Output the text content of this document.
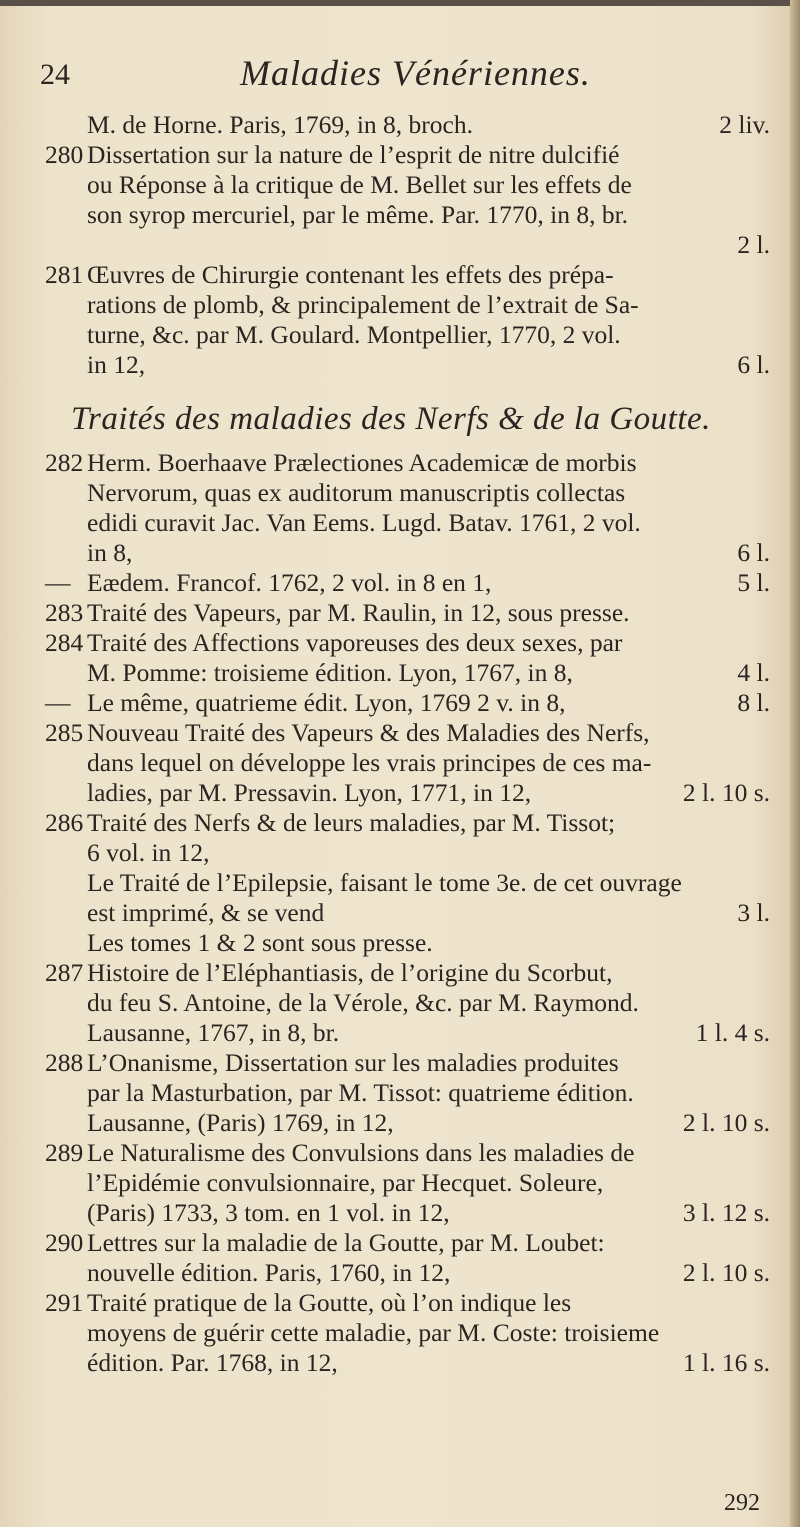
24	Maladies Vénériennes.
M. de Horne. Paris, 1769, in 8, broch.	2 liv.
280 Dissertation sur la nature de l’esprit de nitre dulcifié
ou Réponse à la critique de M. Bellet sur les effets de
son syrop mercuriel, par le même. Par. 1770, in 8, br.
2 l.
281 Œuvres de Chirurgie contenant les effets des prépa-
rations de plomb, & principalement de l’extrait de Sa-
turne, &c. par M. Goulard. Montpellier, 1770, 2 vol.
in 12,	6 l.
Traités des maladies des Nerfs & de la Goutte.
282 Herm. Boerhaave Prælectiones Academicæ de morbis
Nervorum, quas ex auditorum manuscriptis collectas
edidi curavit Jac. Van Eems. Lugd. Batav. 1761, 2 vol.
in 8,	6 l.
— Eædem. Francof. 1762, 2 vol. in 8 en 1,	5 l.
283 Traité des Vapeurs, par M. Raulin, in 12, sous presse.
284 Traité des Affections vaporeuses des deux sexes, par
M. Pomme: troisieme édition. Lyon, 1767, in 8,	4 l.
— Le même, quatrieme édit. Lyon, 1769 2 v. in 8,	8 l.
285 Nouveau Traité des Vapeurs & des Maladies des Nerfs,
dans lequel on développe les vrais principes de ces ma-
ladies, par M. Pressavin. Lyon, 1771, in 12,	2 l. 10 s.
286 Traité des Nerfs & de leurs maladies, par M. Tissot;
6 vol. in 12,
Le Traité de l’Epilepsie, faisant le tome 3e. de cet ouvrage
est imprimé, & se vend	3 l.
Les tomes 1 & 2 sont sous presse.
287 Histoire de l’Eléphantiasis, de l’origine du Scorbut,
du feu S. Antoine, de la Vérole, &c. par M. Raymond.
Lausanne, 1767, in 8, br.	1 l. 4 s.
288 L’Onanisme, Dissertation sur les maladies produites
par la Masturbation, par M. Tissot: quatrieme édition.
Lausanne, (Paris) 1769, in 12,	2 l. 10 s.
289 Le Naturalisme des Convulsions dans les maladies de
l’Epidémie convulsionnaire, par Hecquet. Soleure,
(Paris) 1733, 3 tom. en 1 vol. in 12,	3 l. 12 s.
290 Lettres sur la maladie de la Goutte, par M. Loubet:
nouvelle édition. Paris, 1760, in 12,	2 l. 10 s.
291 Traité pratique de la Goutte, où l’on indique les
moyens de guérir cette maladie, par M. Coste: troisieme
édition. Par. 1768, in 12,	1 l. 16 s.
292
